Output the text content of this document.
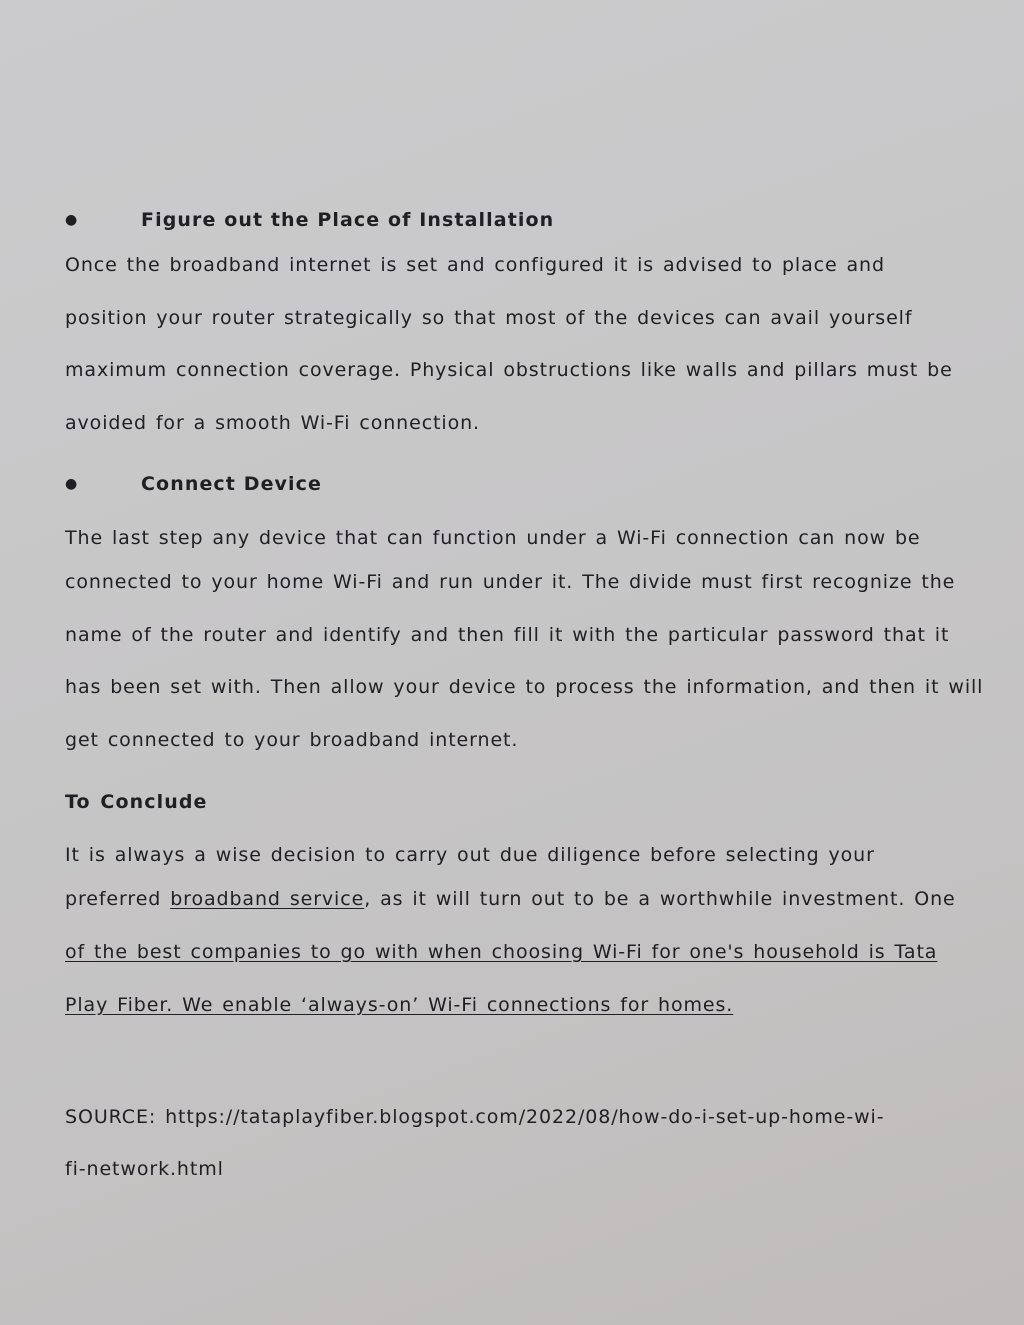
●	Figure out the Place of Installation
Once the broadband internet is set and configured it is advised to place and
position your router strategically so that most of the devices can avail yourself
maximum connection coverage. Physical obstructions like walls and pillars must be
avoided for a smooth Wi-Fi connection.
●	Connect Device
The last step any device that can function under a Wi-Fi connection can now be
connected to your home Wi-Fi and run under it. The divide must first recognize the
name of the router and identify and then fill it with the particular password that it
has been set with. Then allow your device to process the information, and then it will
get connected to your broadband internet.
To Conclude
It is always a wise decision to carry out due diligence before selecting your
preferred broadband service, as it will turn out to be a worthwhile investment. One
of the best companies to go with when choosing Wi-Fi for one's household is Tata
Play Fiber. We enable ‘always-on’ Wi-Fi connections for homes.
SOURCE: https://tataplayfiber.blogspot.com/2022/08/how-do-i-set-up-home-wi-
fi-network.html
